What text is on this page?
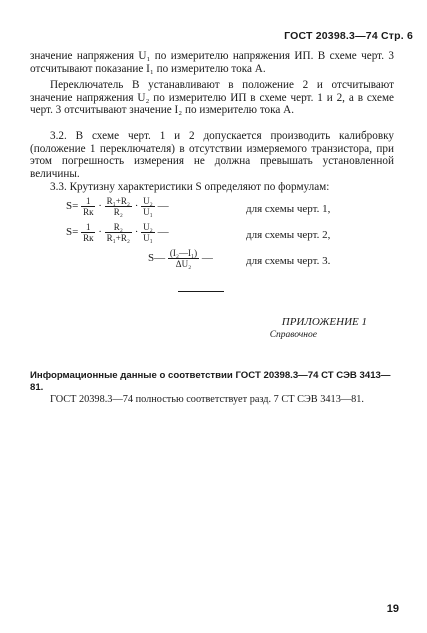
ГОСТ 20398.3—74 Стр. 6
значение напряжения U₁ по измерителю напряжения ИП. В схеме черт. 3 отсчитывают показание I₁ по измерителю тока А.
Переключатель В устанавливают в положение 2 и отсчитывают значение напряжения U₂ по измерителю ИП в схеме черт. 1 и 2, а в схеме черт. 3 отсчитывают значение I₂ по измерителю тока А.
3.2. В схеме черт. 1 и 2 допускается производить калибровку (положение 1 переключателя) в отсутствии измеряемого транзистора, при этом погрешность измерения не должна превышать установленной величины.
3.3. Крутизну характеристики S определяют по формулам:
$S= \frac{1}{Rк} \cdot \frac{\text{R₁+R₂}}{\text{R₂}} \cdot \frac{\text{U₂}}{\text{U₁}}$ —	для схемы черт. 1,
$S= \frac{1}{Rк} \cdot \frac{\text{R₂}}{\text{R₁+R₂}} \cdot \frac{\text{U₂}}{\text{U₁}}$ —	для схемы черт. 2,
S— $\frac{\text{(I₂—I₁)}}{\text{ΔU₂}}$ —	для схемы черт. 3.
ПРИЛОЖЕНИЕ 1
Справочное
Информационные данные о соответствии ГОСТ 20398.3—74 СТ СЭВ 3413—81.
ГОСТ 20398.3—74 полностью соответствует разд. 7 СТ СЭВ 3413—81.
19
